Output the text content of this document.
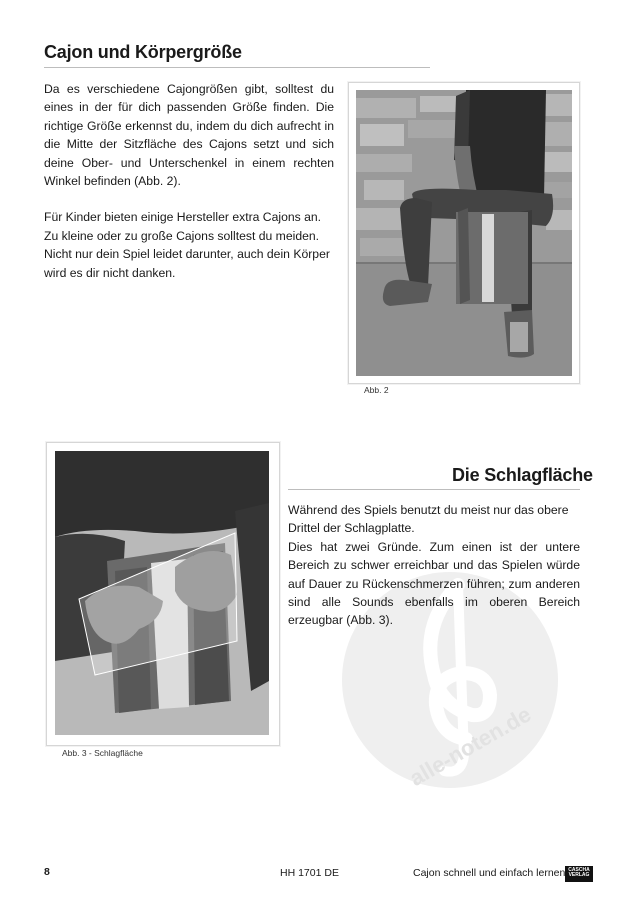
Cajon und Körpergröße

Da es verschiedene Cajongrößen gibt, solltest du eines in der für dich passenden Größe finden. Die richtige Größe erkennst du, indem du dich aufrecht in die Mitte der Sitzfläche des Cajons setzt und sich deine Ober- und Unterschenkel in einem rechten Winkel befinden (Abb. 2).

Für Kinder bieten einige Hersteller extra Cajons an. Zu kleine oder zu große Cajons solltest du meiden. Nicht nur dein Spiel leidet darunter, auch dein Körper wird es dir nicht danken.

Abb. 2
Die Schlagfläche
alle-noten.de

Während des Spiels benutzt du meist nur das obere Drittel der Schlagplatte.

Dies hat zwei Gründe. Zum einen ist der untere Bereich zu schwer erreichbar und das Spielen würde auf Dauer zu Rückenschmerzen führen; zum anderen sind alle Sounds ebenfalls im oberen Bereich erzeugbar (Abb. 3).

Abb. 3 - Schlagfläche
8	HH 1701 DE	Cajon schnell und einfach lernen CASCHA
VERLAG
